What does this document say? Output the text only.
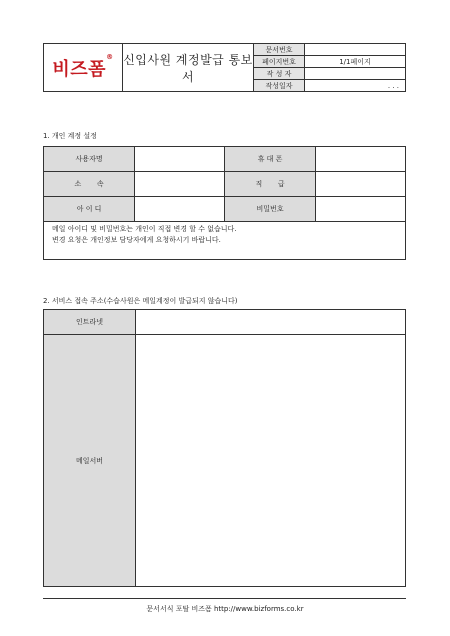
비즈폼®	신입사원 계정발급 통보서	문서번호	
		페이지번호	1/1페이지
		작 성 자	
		작성일자	. . .
1. 개인 계정 설정
사용자명		휴 대 폰	
소       속		직       급	
아 이 디		비밀번호	

메일 아이디 및 비밀번호는 개인이 직접 변경 할 수 없습니다.
변경 요청은 개인정보 담당자에게 요청하시기 바랍니다.			
2. 서비스 접속 주소(수습사원은 메일계정이 발급되지 않습니다)
인트라넷	
메일서버	
문서서식 포탈 비즈폼 http://www.bizforms.co.kr
